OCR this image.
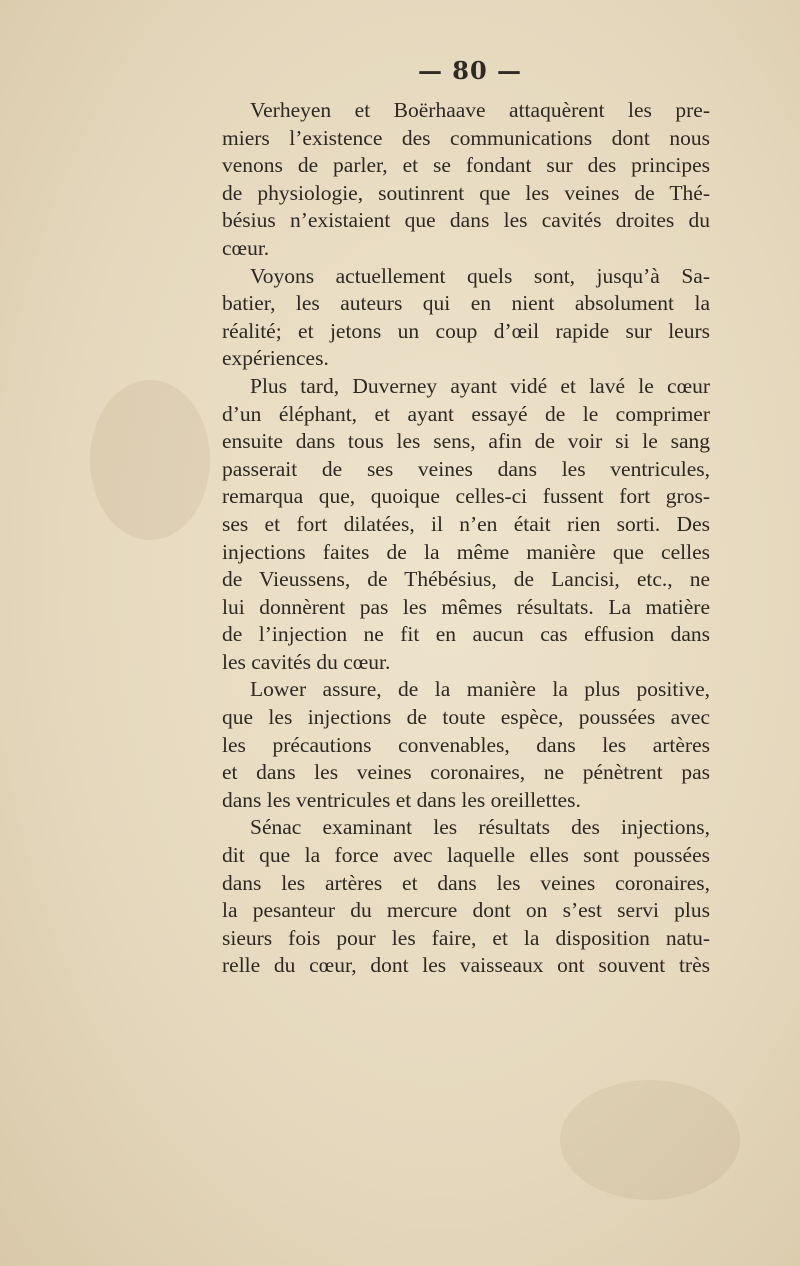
— 80 —
Verheyen et Boërhaave attaquèrent les pre-
miers l’existence des communications dont nous
venons de parler, et se fondant sur des principes
de physiologie, soutinrent que les veines de Thé-
bésius n’existaient que dans les cavités droites du
cœur.
Voyons actuellement quels sont, jusqu’à Sa-
batier, les auteurs qui en nient absolument la
réalité; et jetons un coup d’œil rapide sur leurs
expériences.
Plus tard, Duverney ayant vidé et lavé le cœur
d’un éléphant, et ayant essayé de le comprimer
ensuite dans tous les sens, afin de voir si le sang
passerait de ses veines dans les ventricules,
remarqua que, quoique celles-ci fussent fort gros-
ses et fort dilatées, il n’en était rien sorti. Des
injections faites de la même manière que celles
de Vieussens, de Thébésius, de Lancisi, etc., ne
lui donnèrent pas les mêmes résultats. La matière
de l’injection ne fit en aucun cas effusion dans
les cavités du cœur.
Lower assure, de la manière la plus positive,
que les injections de toute espèce, poussées avec
les précautions convenables, dans les artères
et dans les veines coronaires, ne pénètrent pas
dans les ventricules et dans les oreillettes.
Sénac examinant les résultats des injections,
dit que la force avec laquelle elles sont poussées
dans les artères et dans les veines coronaires,
la pesanteur du mercure dont on s’est servi plus
sieurs fois pour les faire, et la disposition natu-
relle du cœur, dont les vaisseaux ont souvent très
